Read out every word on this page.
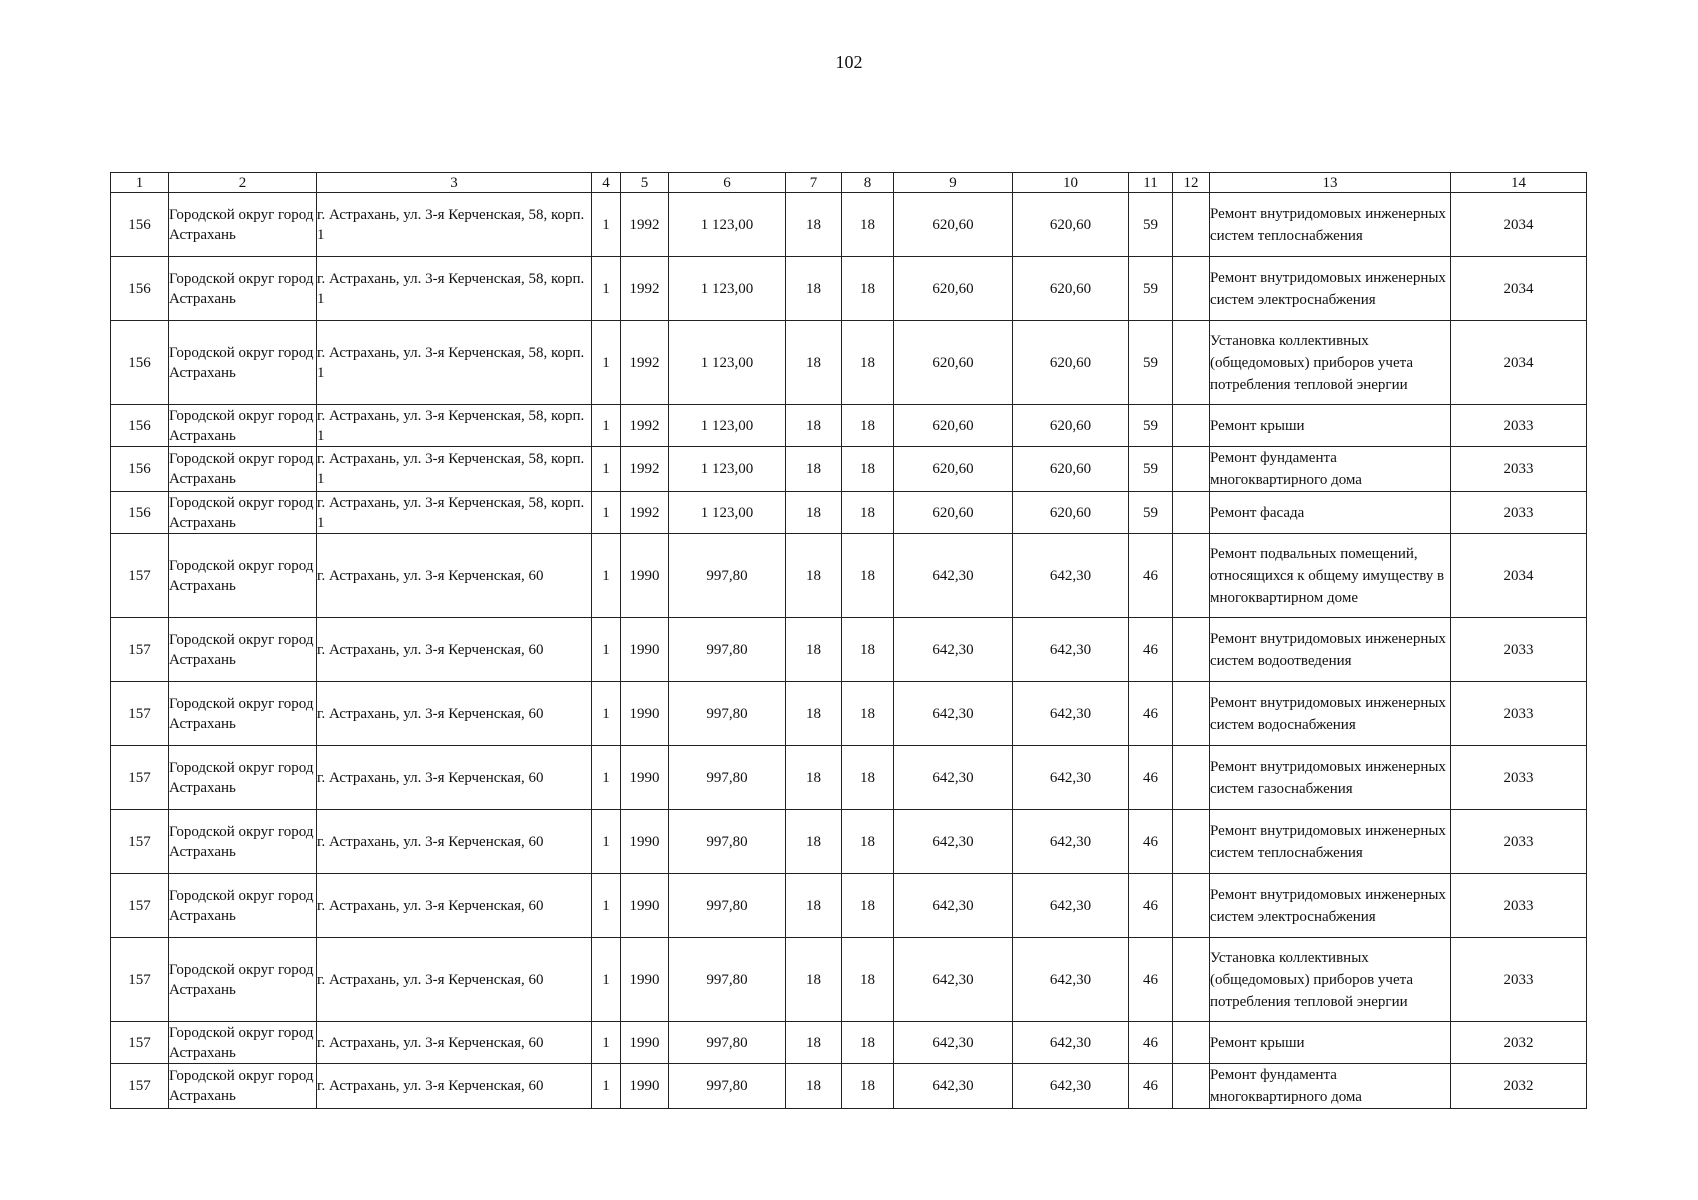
102
1	2	3	4	5	6	7	8	9	10	11	12	13	14
156	Городской округ город Астрахань	г. Астрахань, ул. 3-я Керченская, 58, корп. 1	1	1992	1 123,00	18	18	620,60	620,60	59		Ремонт внутридомовых инженерных систем теплоснабжения	2034
156	Городской округ город Астрахань	г. Астрахань, ул. 3-я Керченская, 58, корп. 1	1	1992	1 123,00	18	18	620,60	620,60	59		Ремонт внутридомовых инженерных систем электроснабжения	2034
156	Городской округ город Астрахань	г. Астрахань, ул. 3-я Керченская, 58, корп. 1	1	1992	1 123,00	18	18	620,60	620,60	59		Установка коллективных (общедомовых) приборов учета потребления тепловой энергии	2034
156	Городской округ город Астрахань	г. Астрахань, ул. 3-я Керченская, 58, корп. 1	1	1992	1 123,00	18	18	620,60	620,60	59		Ремонт крыши	2033
156	Городской округ город Астрахань	г. Астрахань, ул. 3-я Керченская, 58, корп. 1	1	1992	1 123,00	18	18	620,60	620,60	59		Ремонт фундамента многоквартирного дома	2033
156	Городской округ город Астрахань	г. Астрахань, ул. 3-я Керченская, 58, корп. 1	1	1992	1 123,00	18	18	620,60	620,60	59		Ремонт фасада	2033
157	Городской округ город Астрахань	г. Астрахань, ул. 3-я Керченская, 60	1	1990	997,80	18	18	642,30	642,30	46		Ремонт подвальных помещений, относящихся к общему имуществу в многоквартирном доме	2034
157	Городской округ город Астрахань	г. Астрахань, ул. 3-я Керченская, 60	1	1990	997,80	18	18	642,30	642,30	46		Ремонт внутридомовых инженерных систем водоотведения	2033
157	Городской округ город Астрахань	г. Астрахань, ул. 3-я Керченская, 60	1	1990	997,80	18	18	642,30	642,30	46		Ремонт внутридомовых инженерных систем водоснабжения	2033
157	Городской округ город Астрахань	г. Астрахань, ул. 3-я Керченская, 60	1	1990	997,80	18	18	642,30	642,30	46		Ремонт внутридомовых инженерных систем газоснабжения	2033
157	Городской округ город Астрахань	г. Астрахань, ул. 3-я Керченская, 60	1	1990	997,80	18	18	642,30	642,30	46		Ремонт внутридомовых инженерных систем теплоснабжения	2033
157	Городской округ город Астрахань	г. Астрахань, ул. 3-я Керченская, 60	1	1990	997,80	18	18	642,30	642,30	46		Ремонт внутридомовых инженерных систем электроснабжения	2033
157	Городской округ город Астрахань	г. Астрахань, ул. 3-я Керченская, 60	1	1990	997,80	18	18	642,30	642,30	46		Установка коллективных (общедомовых) приборов учета потребления тепловой энергии	2033
157	Городской округ город Астрахань	г. Астрахань, ул. 3-я Керченская, 60	1	1990	997,80	18	18	642,30	642,30	46		Ремонт крыши	2032
157	Городской округ город Астрахань	г. Астрахань, ул. 3-я Керченская, 60	1	1990	997,80	18	18	642,30	642,30	46		Ремонт фундамента многоквартирного дома	2032
